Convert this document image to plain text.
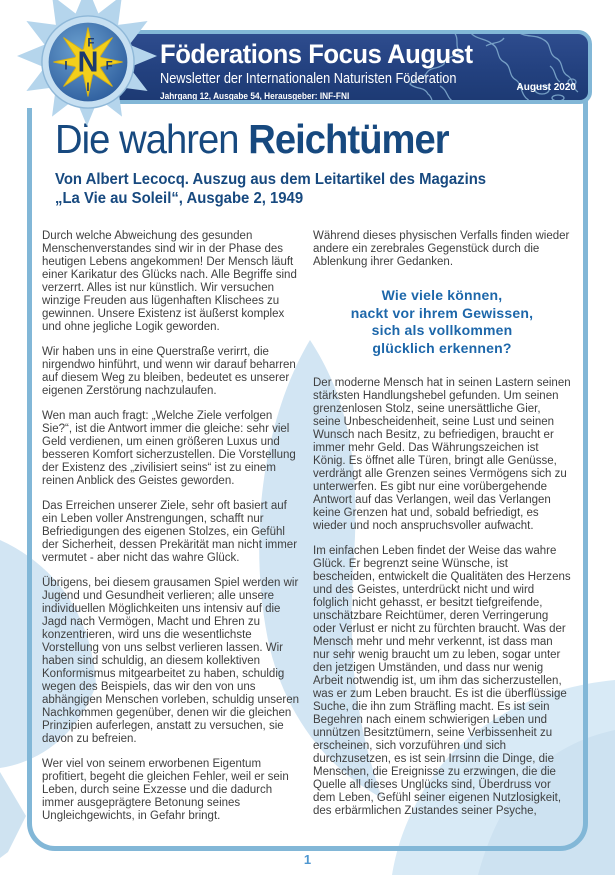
Föderations Focus August
Newsletter der Internationalen Naturisten Föderation
Jahrgang 12, Ausgabe 54, Herausgeber: INF-FNI
August 2020
F
I N F
I
Die wahren Reichtümer
Von Albert Lecocq. Auszug aus dem Leitartikel des Magazins
„La Vie au Soleil“, Ausgabe 2, 1949

Durch welche Abweichung des gesunden Menschenverstandes sind wir in der Phase des heutigen Lebens angekommen! Der Mensch läuft einer Karikatur des Glücks nach. Alle Begriffe sind verzerrt. Alles ist nur künstlich. Wir versuchen winzige Freuden aus lügenhaften Klischees zu gewinnen. Unsere Existenz ist äußerst komplex und ohne jegliche Logik geworden.

Wir haben uns in eine Querstraße verirrt, die nirgendwo hinführt, und wenn wir darauf beharren auf diesem Weg zu bleiben, bedeutet es unserer eigenen Zerstörung nachzulaufen.

Wen man auch fragt: „Welche Ziele verfolgen Sie?“, ist die Antwort immer die gleiche: sehr viel Geld verdienen, um einen größeren Luxus und besseren Komfort sicherzustellen. Die Vorstellung der Existenz des „zivilisiert seins“ ist zu einem reinen Anblick des Geistes geworden.

Das Erreichen unserer Ziele, sehr oft basiert auf ein Leben voller Anstrengungen, schafft nur Befriedigungen des eigenen Stolzes, ein Gefühl der Sicherheit, dessen Prekärität man nicht immer vermutet - aber nicht das wahre Glück.

Übrigens, bei diesem grausamen Spiel werden wir Jugend und Gesundheit verlieren; alle unsere individuellen Möglichkeiten uns intensiv auf die Jagd nach Vermögen, Macht und Ehren zu konzentrieren, wird uns die wesentlichste Vorstellung von uns selbst verlieren lassen. Wir haben sind schuldig, an diesem kollektiven Konformismus mitgearbeitet zu haben, schuldig wegen des Beispiels, das wir den von uns abhängigen Menschen vorleben, schuldig unseren Nachkommen gegenüber, denen wir die gleichen Prinzipien auferlegen, anstatt zu versuchen, sie davon zu befreien.

Wer viel von seinem erworbenen Eigentum profitiert, begeht die gleichen Fehler, weil er sein Leben, durch seine Exzesse und die dadurch immer ausgeprägtere Betonung seines Ungleichgewichts, in Gefahr bringt.

Während dieses physischen Verfalls finden wieder andere ein zerebrales Gegenstück durch die Ablenkung ihrer Gedanken.

Wie viele können,
nackt vor ihrem Gewissen,
sich als vollkommen
glücklich erkennen?

Der moderne Mensch hat in seinen Lastern seinen stärksten Handlungshebel gefunden. Um seinen grenzenlosen Stolz, seine unersättliche Gier, seine Unbescheidenheit, seine Lust und seinen Wunsch nach Besitz, zu befriedigen, braucht er immer mehr Geld. Das Währungszeichen ist König. Es öffnet alle Türen, bringt alle Genüsse, verdrängt alle Grenzen seines Vermögens sich zu unterwerfen. Es gibt nur eine vorübergehende Antwort auf das Verlangen, weil das Verlangen keine Grenzen hat und, sobald befriedigt, es wieder und noch anspruchsvoller aufwacht.

Im einfachen Leben findet der Weise das wahre Glück. Er begrenzt seine Wünsche, ist bescheiden, entwickelt die Qualitäten des Herzens und des Geistes, unterdrückt nicht und wird folglich nicht gehasst, er besitzt tiefgreifende, unschätzbare Reichtümer, deren Verringerung oder Verlust er nicht zu fürchten braucht. Was der Mensch mehr und mehr verkennt, ist dass man nur sehr wenig braucht um zu leben, sogar unter den jetzigen Umständen, und dass nur wenig Arbeit notwendig ist, um ihm das sicherzustellen, was er zum Leben braucht. Es ist die überflüssige Suche, die ihn zum Sträfling macht. Es ist sein Begehren nach einem schwierigen Leben und unnützen Besitztümern, seine Verbissenheit zu erscheinen, sich vorzuführen und sich durchzusetzen, es ist sein Irrsinn die Dinge, die Menschen, die Ereignisse zu erzwingen, die die Quelle all dieses Unglücks sind, Überdruss vor dem Leben, Gefühl seiner eigenen Nutzlosigkeit, des erbärmlichen Zustandes seiner Psyche,

1
